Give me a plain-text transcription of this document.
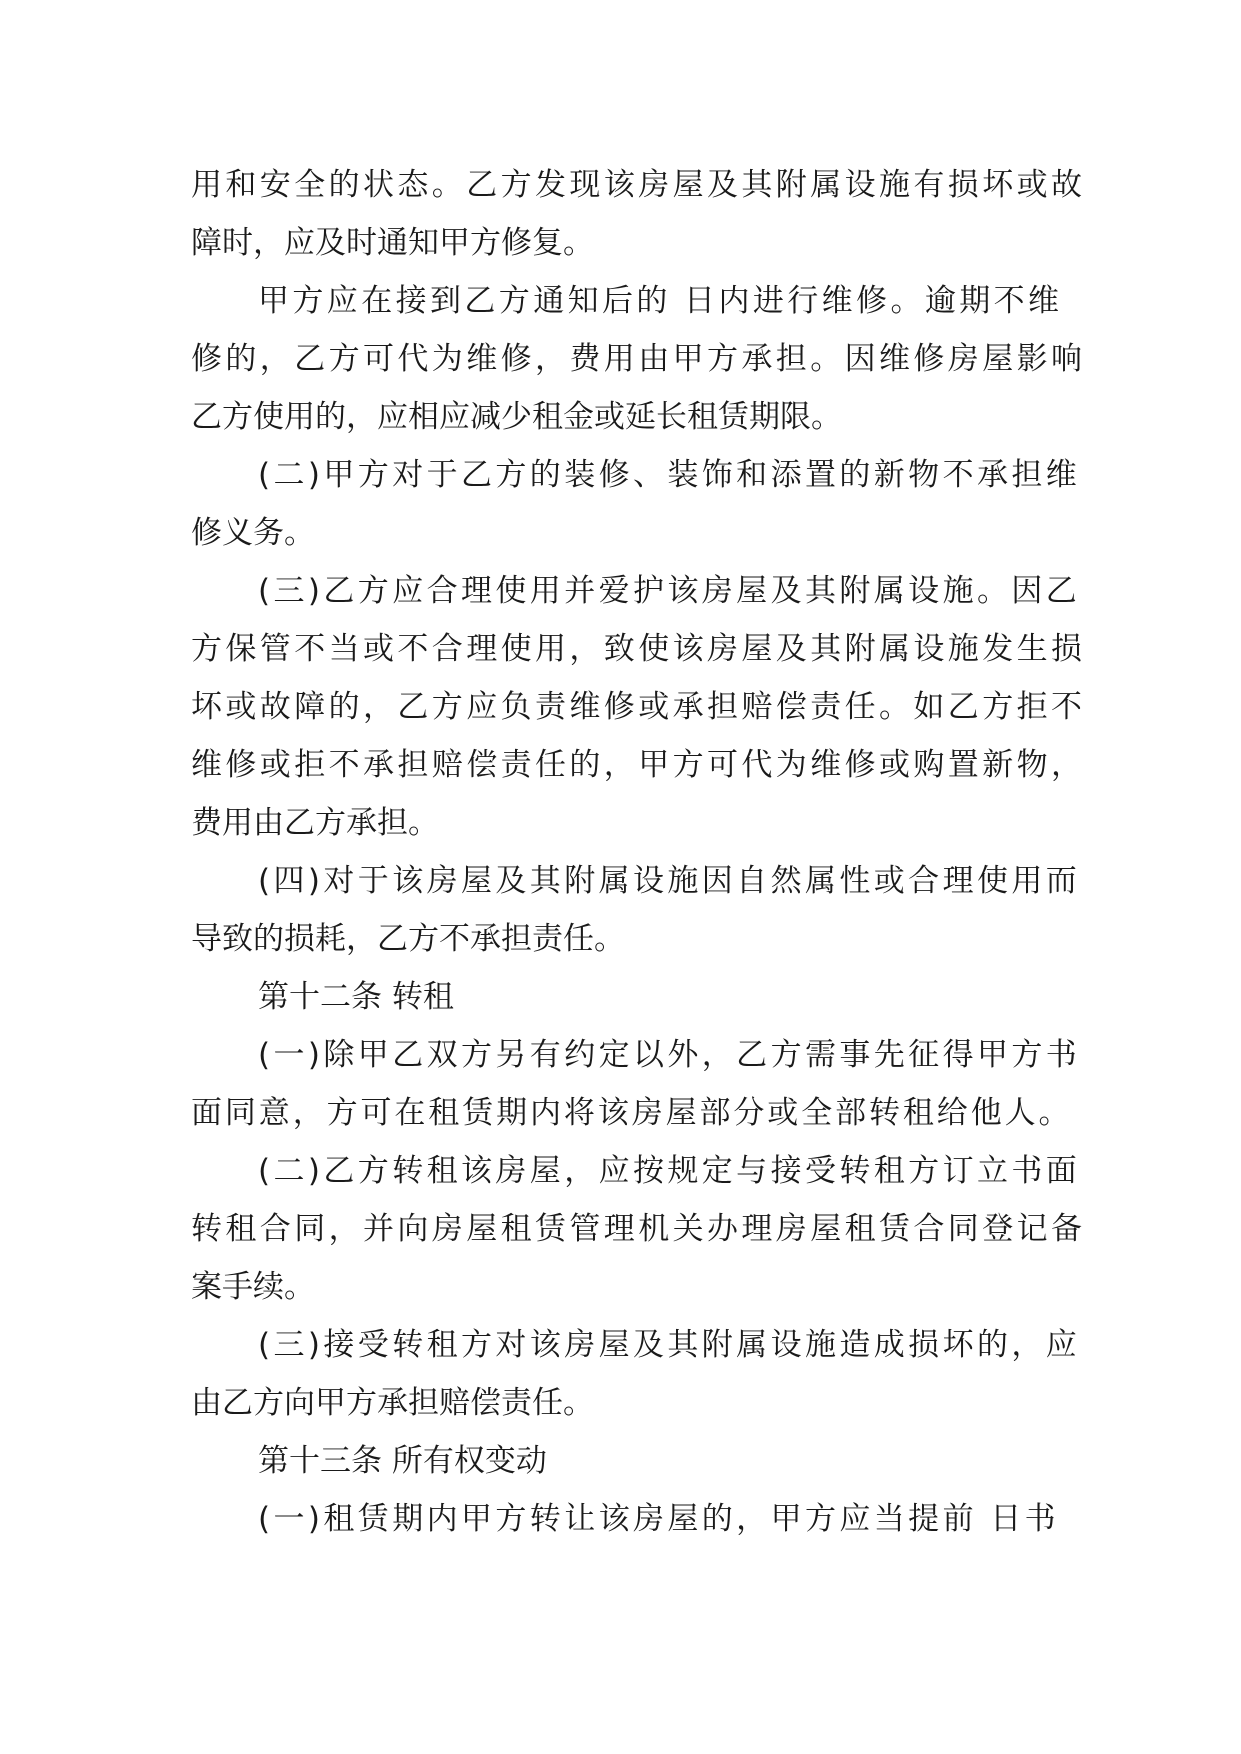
用和安全的状态。乙方发现该房屋及其附属设施有损坏或故
障时，应及时通知甲方修复。
甲方应在接到乙方通知后的 日内进行维修。逾期不维
修的，乙方可代为维修，费用由甲方承担。因维修房屋影响
乙方使用的，应相应减少租金或延长租赁期限。
(二)甲方对于乙方的装修、装饰和添置的新物不承担维
修义务。
(三)乙方应合理使用并爱护该房屋及其附属设施。因乙
方保管不当或不合理使用，致使该房屋及其附属设施发生损
坏或故障的，乙方应负责维修或承担赔偿责任。如乙方拒不
维修或拒不承担赔偿责任的，甲方可代为维修或购置新物，
费用由乙方承担。
(四)对于该房屋及其附属设施因自然属性或合理使用而
导致的损耗，乙方不承担责任。
第十二条 转租
(一)除甲乙双方另有约定以外，乙方需事先征得甲方书
面同意，方可在租赁期内将该房屋部分或全部转租给他人。
(二)乙方转租该房屋，应按规定与接受转租方订立书面
转租合同，并向房屋租赁管理机关办理房屋租赁合同登记备
案手续。
(三)接受转租方对该房屋及其附属设施造成损坏的，应
由乙方向甲方承担赔偿责任。
第十三条 所有权变动
(一)租赁期内甲方转让该房屋的，甲方应当提前 日书
